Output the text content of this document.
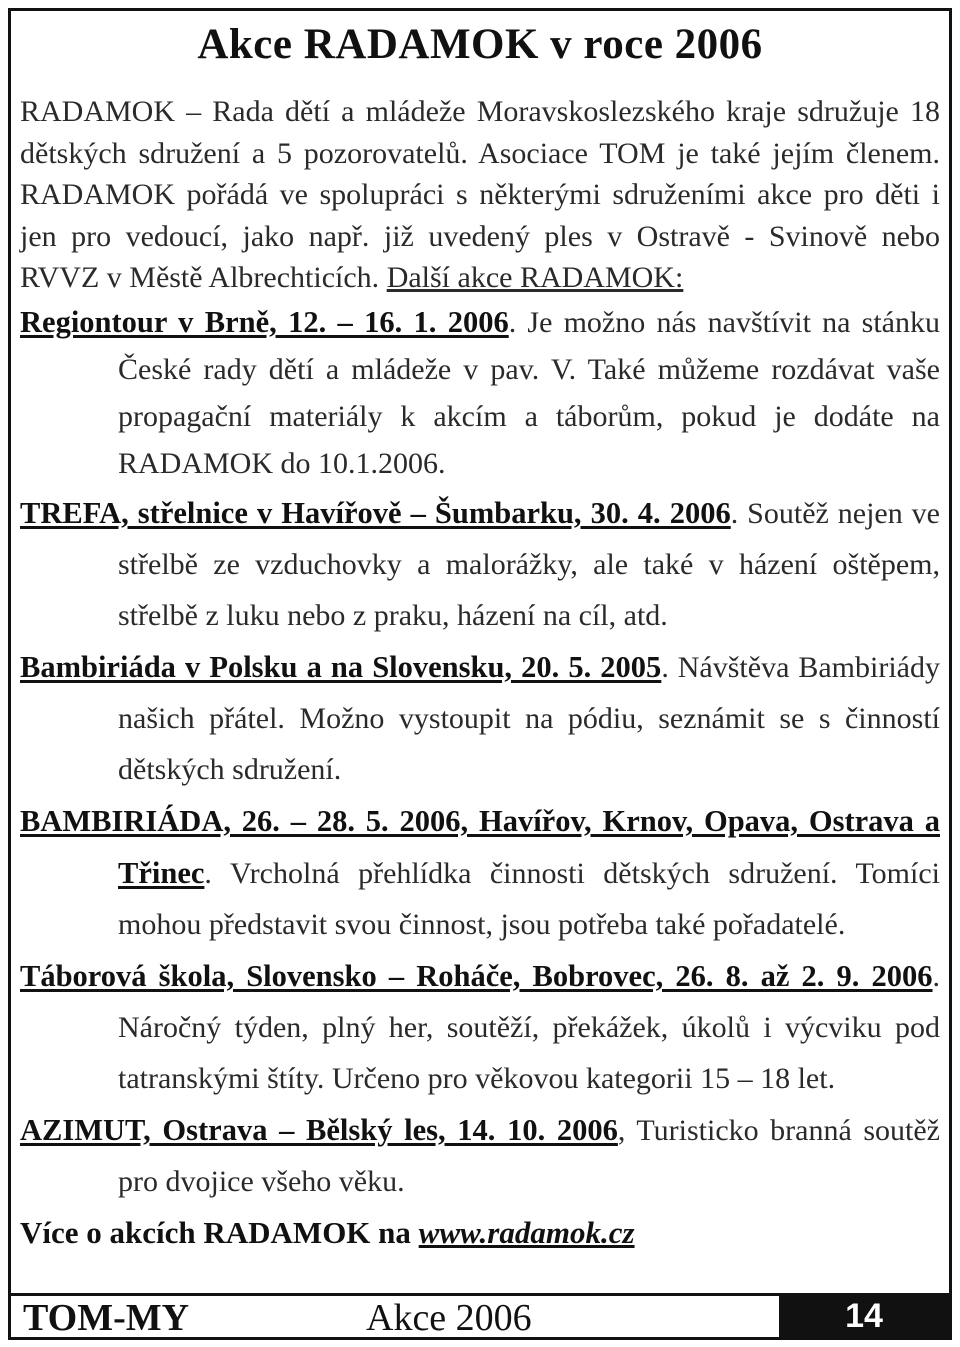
Akce RADAMOK v roce 2006

RADAMOK – Rada dětí a mládeže Moravskoslezského kraje sdružuje 18 dětských sdružení a 5 pozorovatelů. Asociace TOM je také jejím členem. RADAMOK pořádá ve spolupráci s některými sdruženími akce pro děti i jen pro vedoucí, jako např. již uvedený ples v Ostravě - Svinově nebo RVVZ v Městě Albrechticích. Další akce RADAMOK:

Regiontour v Brně, 12. – 16. 1. 2006. Je možno nás navštívit na stánku České rady dětí a mládeže v pav. V. Také můžeme rozdávat vaše propagační materiály k akcím a táborům, pokud je dodáte na RADAMOK do 10.1.2006.

TREFA, střelnice v Havířově – Šumbarku, 30. 4. 2006. Soutěž nejen ve střelbě ze vzduchovky a malorážky, ale také v házení oštěpem, střelbě z luku nebo z praku, házení na cíl, atd.

Bambiriáda v Polsku a na Slovensku, 20. 5. 2005. Návštěva Bambiriády našich přátel. Možno vystoupit na pódiu, seznámit se s činností dětských sdružení.

BAMBIRIÁDA, 26. – 28. 5. 2006, Havířov, Krnov, Opava, Ostrava a Třinec. Vrcholná přehlídka činnosti dětských sdružení. Tomíci mohou představit svou činnost, jsou potřeba také pořadatelé.

Táborová škola, Slovensko – Roháče, Bobrovec, 26. 8. až 2. 9. 2006. Náročný týden, plný her, soutěží, překážek, úkolů i výcviku pod tatranskými štíty. Určeno pro věkovou kategorii 15 – 18 let.

AZIMUT, Ostrava – Bělský les, 14. 10. 2006, Turisticko branná soutěž pro dvojice všeho věku.

Více o akcích RADAMOK na www.radamok.cz

TOM-MY	Akce 2006	14
